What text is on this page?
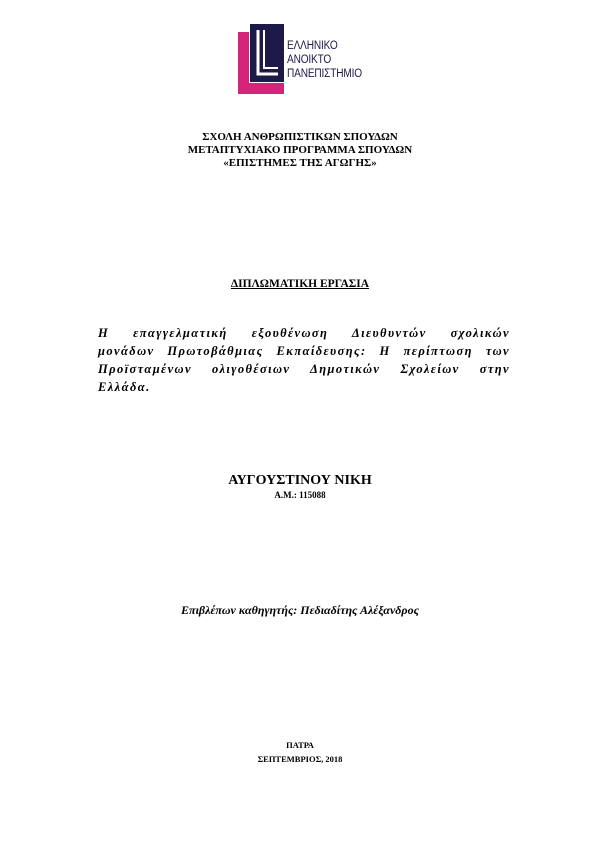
ΕΛΛΗΝΙΚΟ
ΑΝΟΙΚΤΟ
ΠΑΝΕΠΙΣΤΗΜΙΟ
ΣΧΟΛΗ ΑΝΘΡΩΠΙΣΤΙΚΩΝ ΣΠΟΥΔΩΝ
ΜΕΤΑΠΤΥΧΙΑΚΟ ΠΡΟΓΡΑΜΜΑ ΣΠΟΥΔΩΝ
«ΕΠΙΣΤΗΜΕΣ ΤΗΣ ΑΓΩΓΗΣ»
ΔΙΠΛΩΜΑΤΙΚΗ ΕΡΓΑΣΙΑ
Η επαγγελματική εξουθένωση Διευθυντών σχολικών
μονάδων Πρωτοβάθμιας Εκπαίδευσης: Η περίπτωση των
Προϊσταμένων ολιγοθέσιων Δημοτικών Σχολείων στην
Ελλάδα.
ΑΥΓΟΥΣΤΙΝΟΥ ΝΙΚΗ
Α.Μ.: 115088
Επιβλέπων καθηγητής: Πεδιαδίτης Αλέξανδρος
ΠΑΤΡΑ
ΣΕΠΤΕΜΒΡΙΟΣ, 2018
